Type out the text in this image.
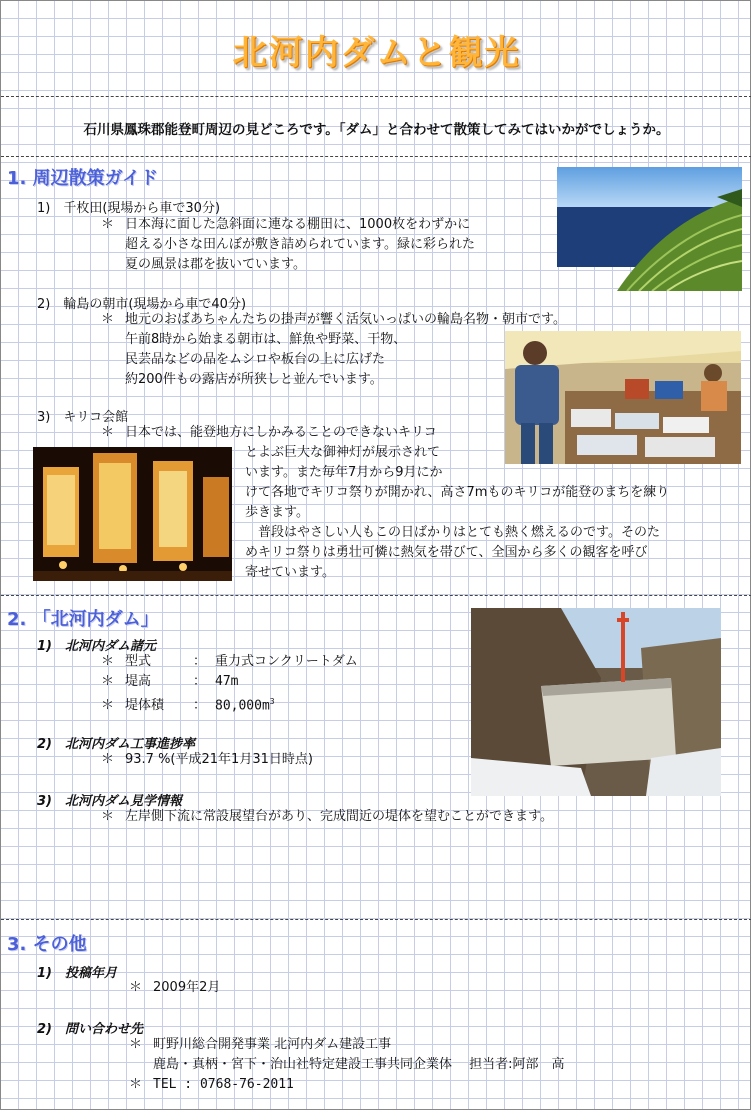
北河内ダムと観光
石川県鳳珠郡能登町周辺の見どころです。「ダム」と合わせて散策してみてはいかがでしょうか。
1. 周辺散策ガイド
1)　千枚田(現場から車で30分)
＊ 日本海に面した急斜面に連なる棚田に、1000枚をわずかに
超える小さな田んぼが敷き詰められています。緑に彩られた
夏の風景は郡を抜いています。
2)　輪島の朝市(現場から車で40分)
＊ 地元のおばあちゃんたちの掛声が響く活気いっぱいの輪島名物・朝市です。
午前8時から始まる朝市は、鮮魚や野菜、干物、
民芸品などの品をムシロや板台の上に広げた
約200件もの露店が所狭しと並んでいます。
3)　キリコ会館
＊ 日本では、能登地方にしかみることのできないキリコ
とよぶ巨大な御神灯が展示されて
います。また毎年7月から9月にか
けて各地でキリコ祭りが開かれ、高さ7mものキリコが能登のまちを練り
歩きます。
普段はやさしい人もこの日ばかりはとても熱く燃えるのです。そのた
めキリコ祭りは勇壮可憐に熱気を帯びて、全国から多くの観客を呼び
寄せています。
2. 「北河内ダム」
1)　北河内ダム諸元
＊ 型式	： 重力式コンクリートダム
＊ 堤高	： 47m
＊ 堤体積 ： $80,000m^3$
2)　北河内ダム工事進捗率
＊ 93.7 %(平成21年1月31日時点)
3)　北河内ダム見学情報
＊ 左岸側下流に常設展望台があり、完成間近の堤体を望むことができます。
3. その他
1)　投稿年月
＊ 2009年2月
2)　問い合わせ先
＊ 町野川総合開発事業 北河内ダム建設工事
鹿島・真柄・宮下・治山社特定建設工事共同企業体　 担当者:阿部　高
＊ TEL : 0768-76-2011
